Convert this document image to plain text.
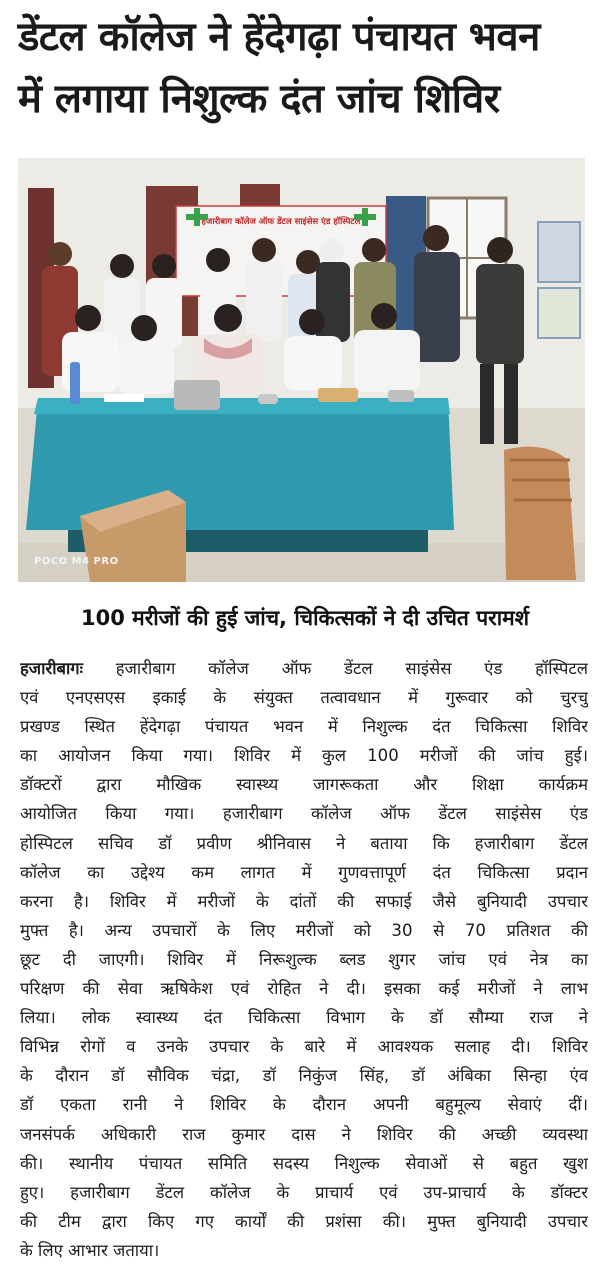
डेंटल कॉलेज ने हेंदेगढ़ा पंचायत भवन
में लगाया निशुल्क दंत जांच शिविर
हजारीबाग कॉलेज ऑफ डेंटल साइंसेस एंड हॉस्पिटल
POCO M4 PRO
100 मरीजों की हुई जांच, चिकित्सकों ने दी उचित परामर्श
हजारीबागः हजारीबाग कॉलेज ऑफ डेंटल साइंसेस एंड हॉस्पिटल
एवं एनएसएस इकाई के संयुक्त तत्वावधान में गुरूवार को चुरचु
प्रखण्ड स्थित हेंदेगढ़ा पंचायत भवन में निशुल्क दंत चिकित्सा शिविर
का आयोजन किया गया। शिविर में कुल 100 मरीजों की जांच हुई।
डॉक्टरों द्वारा मौखिक स्वास्थ्य जागरूकता और शिक्षा कार्यक्रम
आयोजित किया गया। हजारीबाग कॉलेज ऑफ डेंटल साइंसेस एंड
होस्पिटल सचिव डॉ प्रवीण श्रीनिवास ने बताया कि हजारीबाग डेंटल
कॉलेज का उद्देश्य कम लागत में गुणवत्तापूर्ण दंत चिकित्सा प्रदान
करना है। शिविर में मरीजों के दांतों की सफाई जैसे बुनियादी उपचार
मुफ्त है। अन्य उपचारों के लिए मरीजों को 30 से 70 प्रतिशत की
छूट दी जाएगी। शिविर में निरूशुल्क ब्लड शुगर जांच एवं नेत्र का
परिक्षण की सेवा ऋषिकेश एवं रोहित ने दी। इसका कई मरीजों ने लाभ
लिया। लोक स्वास्थ्य दंत चिकित्सा विभाग के डॉ सौम्या राज ने
विभिन्न रोगों व उनके उपचार के बारे में आवश्यक सलाह दी। शिविर
के दौरान डॉ सौविक चंद्रा, डॉ निकुंज सिंह, डॉ अंबिका सिन्हा एंव
डॉ एकता रानी ने शिविर के दौरान अपनी बहुमूल्य सेवाएं दीं।
जनसंपर्क अधिकारी राज कुमार दास ने शिविर की अच्छी व्यवस्था
की। स्थानीय पंचायत समिति सदस्य निशुल्क सेवाओं से बहुत खुश
हुए। हजारीबाग डेंटल कॉलेज के प्राचार्य एवं उप-प्राचार्य के डॉक्टर
की टीम द्वारा किए गए कार्यों की प्रशंसा की। मुफ्त बुनियादी उपचार
के लिए आभार जताया।
